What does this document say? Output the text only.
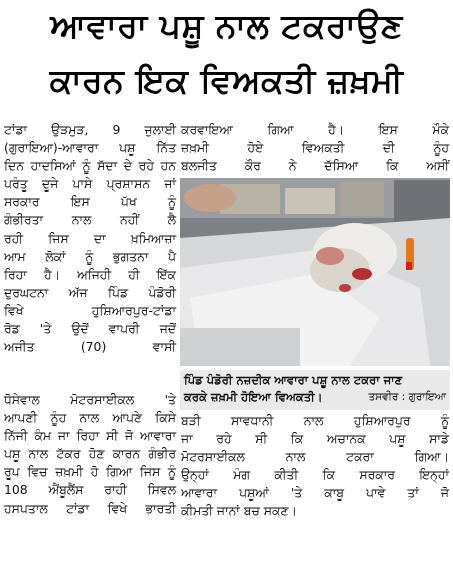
ਆਵਾਰਾ ਪਸ਼ੂ ਨਾਲ ਟਕਰਾਉਣ
ਕਾਰਨ ਇਕ ਵਿਅਕਤੀ ਜ਼ਖ਼ਮੀ

ਟਾਂਡਾ ਉੜਮੁੜ, 9 ਜੁਲਾਈ

(ਗੁਰਾਇਆ)-ਆਵਾਰਾ ਪਸ਼ੂ ਨਿੱਤ

ਦਿਨ ਹਾਦਸਿਆਂ ਨੂੰ ਸੱਦਾ ਦੇ ਰਹੇ ਹਨ

ਪਰੰਤੂ ਦੂਜੇ ਪਾਸੇ ਪ੍ਰਸ਼ਾਸਨ ਜਾਂ

ਸਰਕਾਰ ਇਸ ਪੱਖ ਨੂੰ

ਗੰਭੀਰਤਾ ਨਾਲ ਨਹੀਂ ਲੈ

ਰਹੀ ਜਿਸ ਦਾ ਖ਼ਮਿਆਜ਼ਾ

ਆਮ ਲੋਕਾਂ ਨੂੰ ਭੁਗਤਨਾ ਪੈ

ਰਿਹਾ ਹੈ। ਅਜਿਹੀ ਹੀ ਇੱਕ

ਦੁਰਘਟਨਾ ਅੱਜ ਪਿੰਡ ਪੰਡੋਰੀ

ਵਿਖੇ ਹੁਸ਼ਿਆਰਪੁਰ-ਟਾਂਡਾ

ਰੋਡ 'ਤੇ ਉਦੋਂ ਵਾਪਰੀ ਜਦੋਂ

ਅਜੀਤ (70) ਵਾਸੀ

ਧੋਸੇਵਾਲ ਮੋਟਰਸਾਈਕਲ 'ਤੇ

ਆਪਣੀ ਨੂੰਹ ਨਾਲ ਆਪਣੇ ਕਿਸੇ

ਨਿੱਜੀ ਕੰਮ ਜਾ ਰਿਹਾ ਸੀ ਜੋ ਆਵਾਰਾ

ਪਸ਼ੂ ਨਾਲ ਟੱਕਰ ਹੋਣ ਕਾਰਨ ਗੰਭੀਰ

ਰੂਪ ਵਿਚ ਜ਼ਖ਼ਮੀ ਹੋ ਗਿਆ ਜਿਸ ਨੂੰ

108 ਐਂਬੂਲੈਂਸ ਰਾਹੀ ਸਿਵਲ

ਹਸਪਤਾਲ ਟਾਂਡਾ ਵਿਖੇ ਭਾਰਤੀ

ਕਰਵਾਇਆ ਗਿਆ ਹੈ। ਇਸ ਮੌਕੇ

ਜ਼ਖ਼ਮੀ ਹੋਏ ਵਿਅਕਤੀ ਦੀ ਨੂੰਹ

ਬਲਜੀਤ ਕੌਰ ਨੇ ਦੱਸਿਆ ਕਿ ਅਸੀਂ

ਪਿੰਡ ਪੰਡੋਰੀ ਨਜ਼ਦੀਕ ਆਵਾਰਾ ਪਸ਼ੂ ਨਾਲ ਟਕਰਾ ਜਾਣ
ਕਰਕੇ ਜ਼ਖ਼ਮੀ ਹੋਇਆ ਵਿਅਕਤੀ।	ਤਸਵੀਰ : ਗੁਰਾਇਆ

ਬੜੀ ਸਾਵਧਾਨੀ ਨਾਲ ਹੁਸ਼ਿਆਰਪੁਰ ਨੂੰ

ਜਾ ਰਹੇ ਸੀ ਕਿ ਅਚਾਨਕ ਪਸ਼ੂ ਸਾਡੇ

ਮੋਟਰਸਾਈਕਲ ਨਾਲ ਟਕਰਾ ਗਿਆ।

ਉਨ੍ਹਾਂ ਮੰਗ ਕੀਤੀ ਕਿ ਸਰਕਾਰ ਇਨ੍ਹਾਂ

ਆਵਾਰਾ ਪਸ਼ੂਆਂ 'ਤੇ ਕਾਬੂ ਪਾਵੇ ਤਾਂ ਜੋ

ਕੀਮਤੀ ਜਾਨਾਂ ਬਚ ਸਕਣ।
